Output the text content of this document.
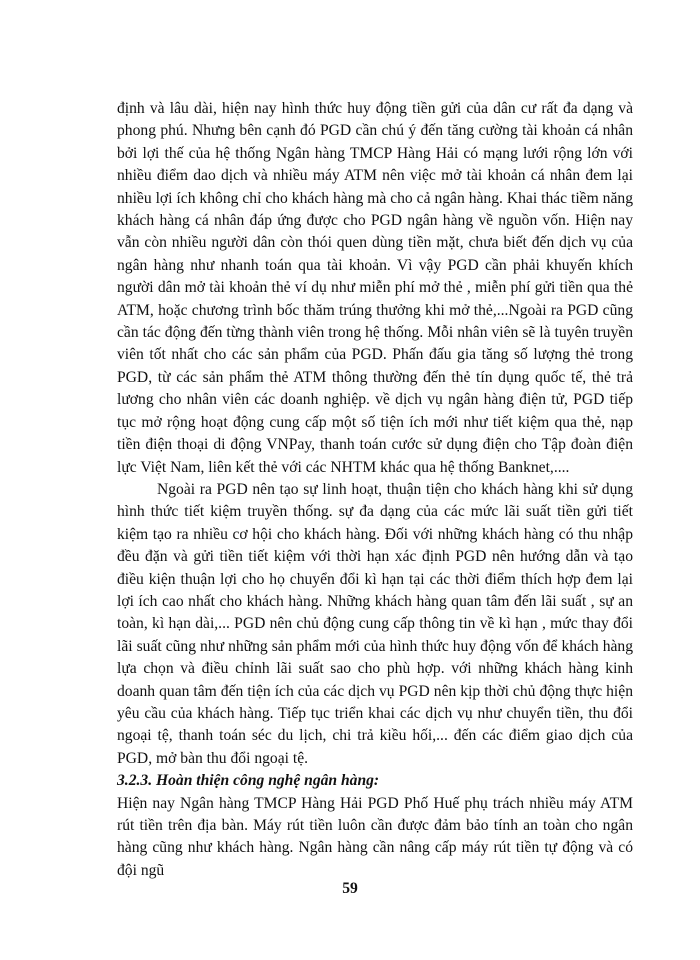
định và lâu dài, hiện nay hình thức huy động tiền gửi của dân cư rất đa dạng và phong phú. Nhưng bên cạnh đó PGD cần chú ý đến tăng cường tài khoản cá nhân bởi lợi thế của hệ thống Ngân hàng TMCP Hàng Hải có mạng lưới rộng lớn với nhiều điểm dao dịch và nhiều máy ATM nên việc mở tài khoản cá nhân đem lại nhiều lợi ích không chỉ cho khách hàng mà cho cả ngân hàng. Khai thác tiềm năng khách hàng cá nhân đáp ứng được cho PGD ngân hàng về nguồn vốn. Hiện nay vẫn còn nhiều người dân còn thói quen dùng tiền mặt, chưa biết đến dịch vụ của ngân hàng như nhanh toán qua tài khoản. Vì vậy PGD cần phải khuyến khích người dân mở tài khoản thẻ ví dụ như miễn phí mở thẻ , miễn phí gửi tiền qua thẻ ATM, hoặc chương trình bốc thăm trúng thưởng khi mở thẻ,...Ngoài ra PGD cũng cần tác động đến từng thành viên trong hệ thống. Mỗi nhân viên sẽ là tuyên truyền viên tốt nhất cho các sản phẩm của PGD. Phấn đấu gia tăng số lượng thẻ trong PGD, từ các sản phẩm thẻ ATM thông thường đến thẻ tín dụng quốc tế, thẻ trả lương cho nhân viên các doanh nghiệp. về dịch vụ ngân hàng điện tử, PGD tiếp tục mở rộng hoạt động cung cấp một số tiện ích mới như tiết kiệm qua thẻ, nạp tiền điện thoại di động VNPay, thanh toán cước sử dụng điện cho Tập đoàn điện lực Việt Nam, liên kết thẻ với các NHTM khác qua hệ thống Banknet,....

Ngoài ra PGD nên tạo sự linh hoạt, thuận tiện cho khách hàng khi sử dụng hình thức tiết kiệm truyền thống. sự đa dạng của các mức lãi suất tiền gửi tiết kiệm tạo ra nhiều cơ hội cho khách hàng. Đối với những khách hàng có thu nhập đều đặn và gửi tiền tiết kiệm với thời hạn xác định PGD nên hướng dẫn và tạo điều kiện thuận lợi cho họ chuyển đổi kì hạn tại các thời điểm thích hợp đem lại lợi ích cao nhất cho khách hàng. Những khách hàng quan tâm đến lãi suất , sự an toàn, kì hạn dài,... PGD nên chủ động cung cấp thông tin về kì hạn , mức thay đổi lãi suất cũng như những sản phẩm mới của hình thức huy động vốn để khách hàng lựa chọn và điều chỉnh lãi suất sao cho phù hợp. với những khách hàng kinh doanh quan tâm đến tiện ích của các dịch vụ PGD nên kịp thời chủ động thực hiện yêu cầu của khách hàng. Tiếp tục triển khai các dịch vụ như chuyển tiền, thu đổi ngoại tệ, thanh toán séc du lịch, chi trả kiều hối,... đến các điểm giao dịch của PGD, mở bàn thu đổi ngoại tệ.

3.2.3. Hoàn thiện công nghệ ngân hàng:

Hiện nay Ngân hàng TMCP Hàng Hải PGD Phố Huế phụ trách nhiều máy ATM rút tiền trên địa bàn. Máy rút tiền luôn cần được đảm bảo tính an toàn cho ngân hàng cũng như khách hàng. Ngân hàng cần nâng cấp máy rút tiền tự động và có đội ngũ

59
